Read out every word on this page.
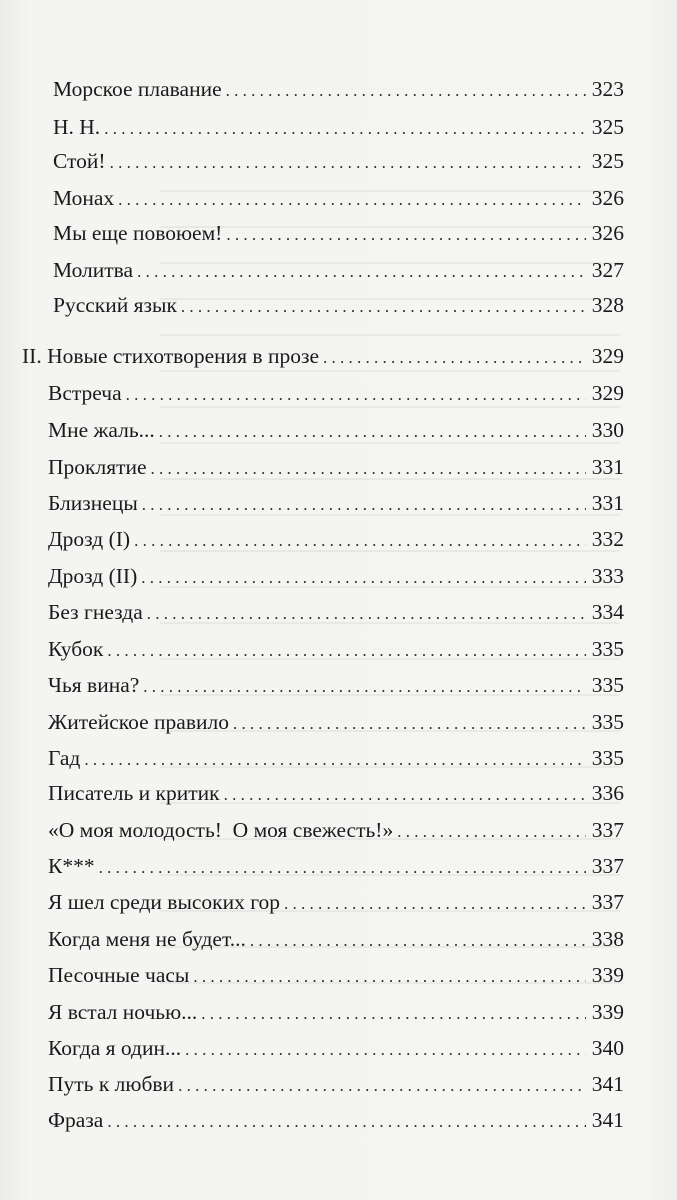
Морское плавание . . .	323
Н. Н. . . .	325
Стой! . . .	325
Монах . . .	326
Мы еще повоюем! . . .	326
Молитва . . .	327
Русский язык . . .	328
II. Новые стихотворения в прозе . . .	329
Встреча . . .	329
Мне жаль... . . .	330
Проклятие . . .	331
Близнецы . . .	331
Дрозд (I) . . .	332
Дрозд (II) . . .	333
Без гнезда . . .	334
Кубок . . .	335
Чья вина? . . .	335
Житейское правило . . .	335
Гад . . .	335
Писатель и критик . . .	336
«О моя молодость!  О моя свежесть!» . . .	337
К*** . . .	337
Я шел среди высоких гор . . .	337
Когда меня не будет... . . .	338
Песочные часы . . .	339
Я встал ночью... . . .	339
Когда я один... . . .	340
Путь к любви . . .	341
Фраза . . .	341
